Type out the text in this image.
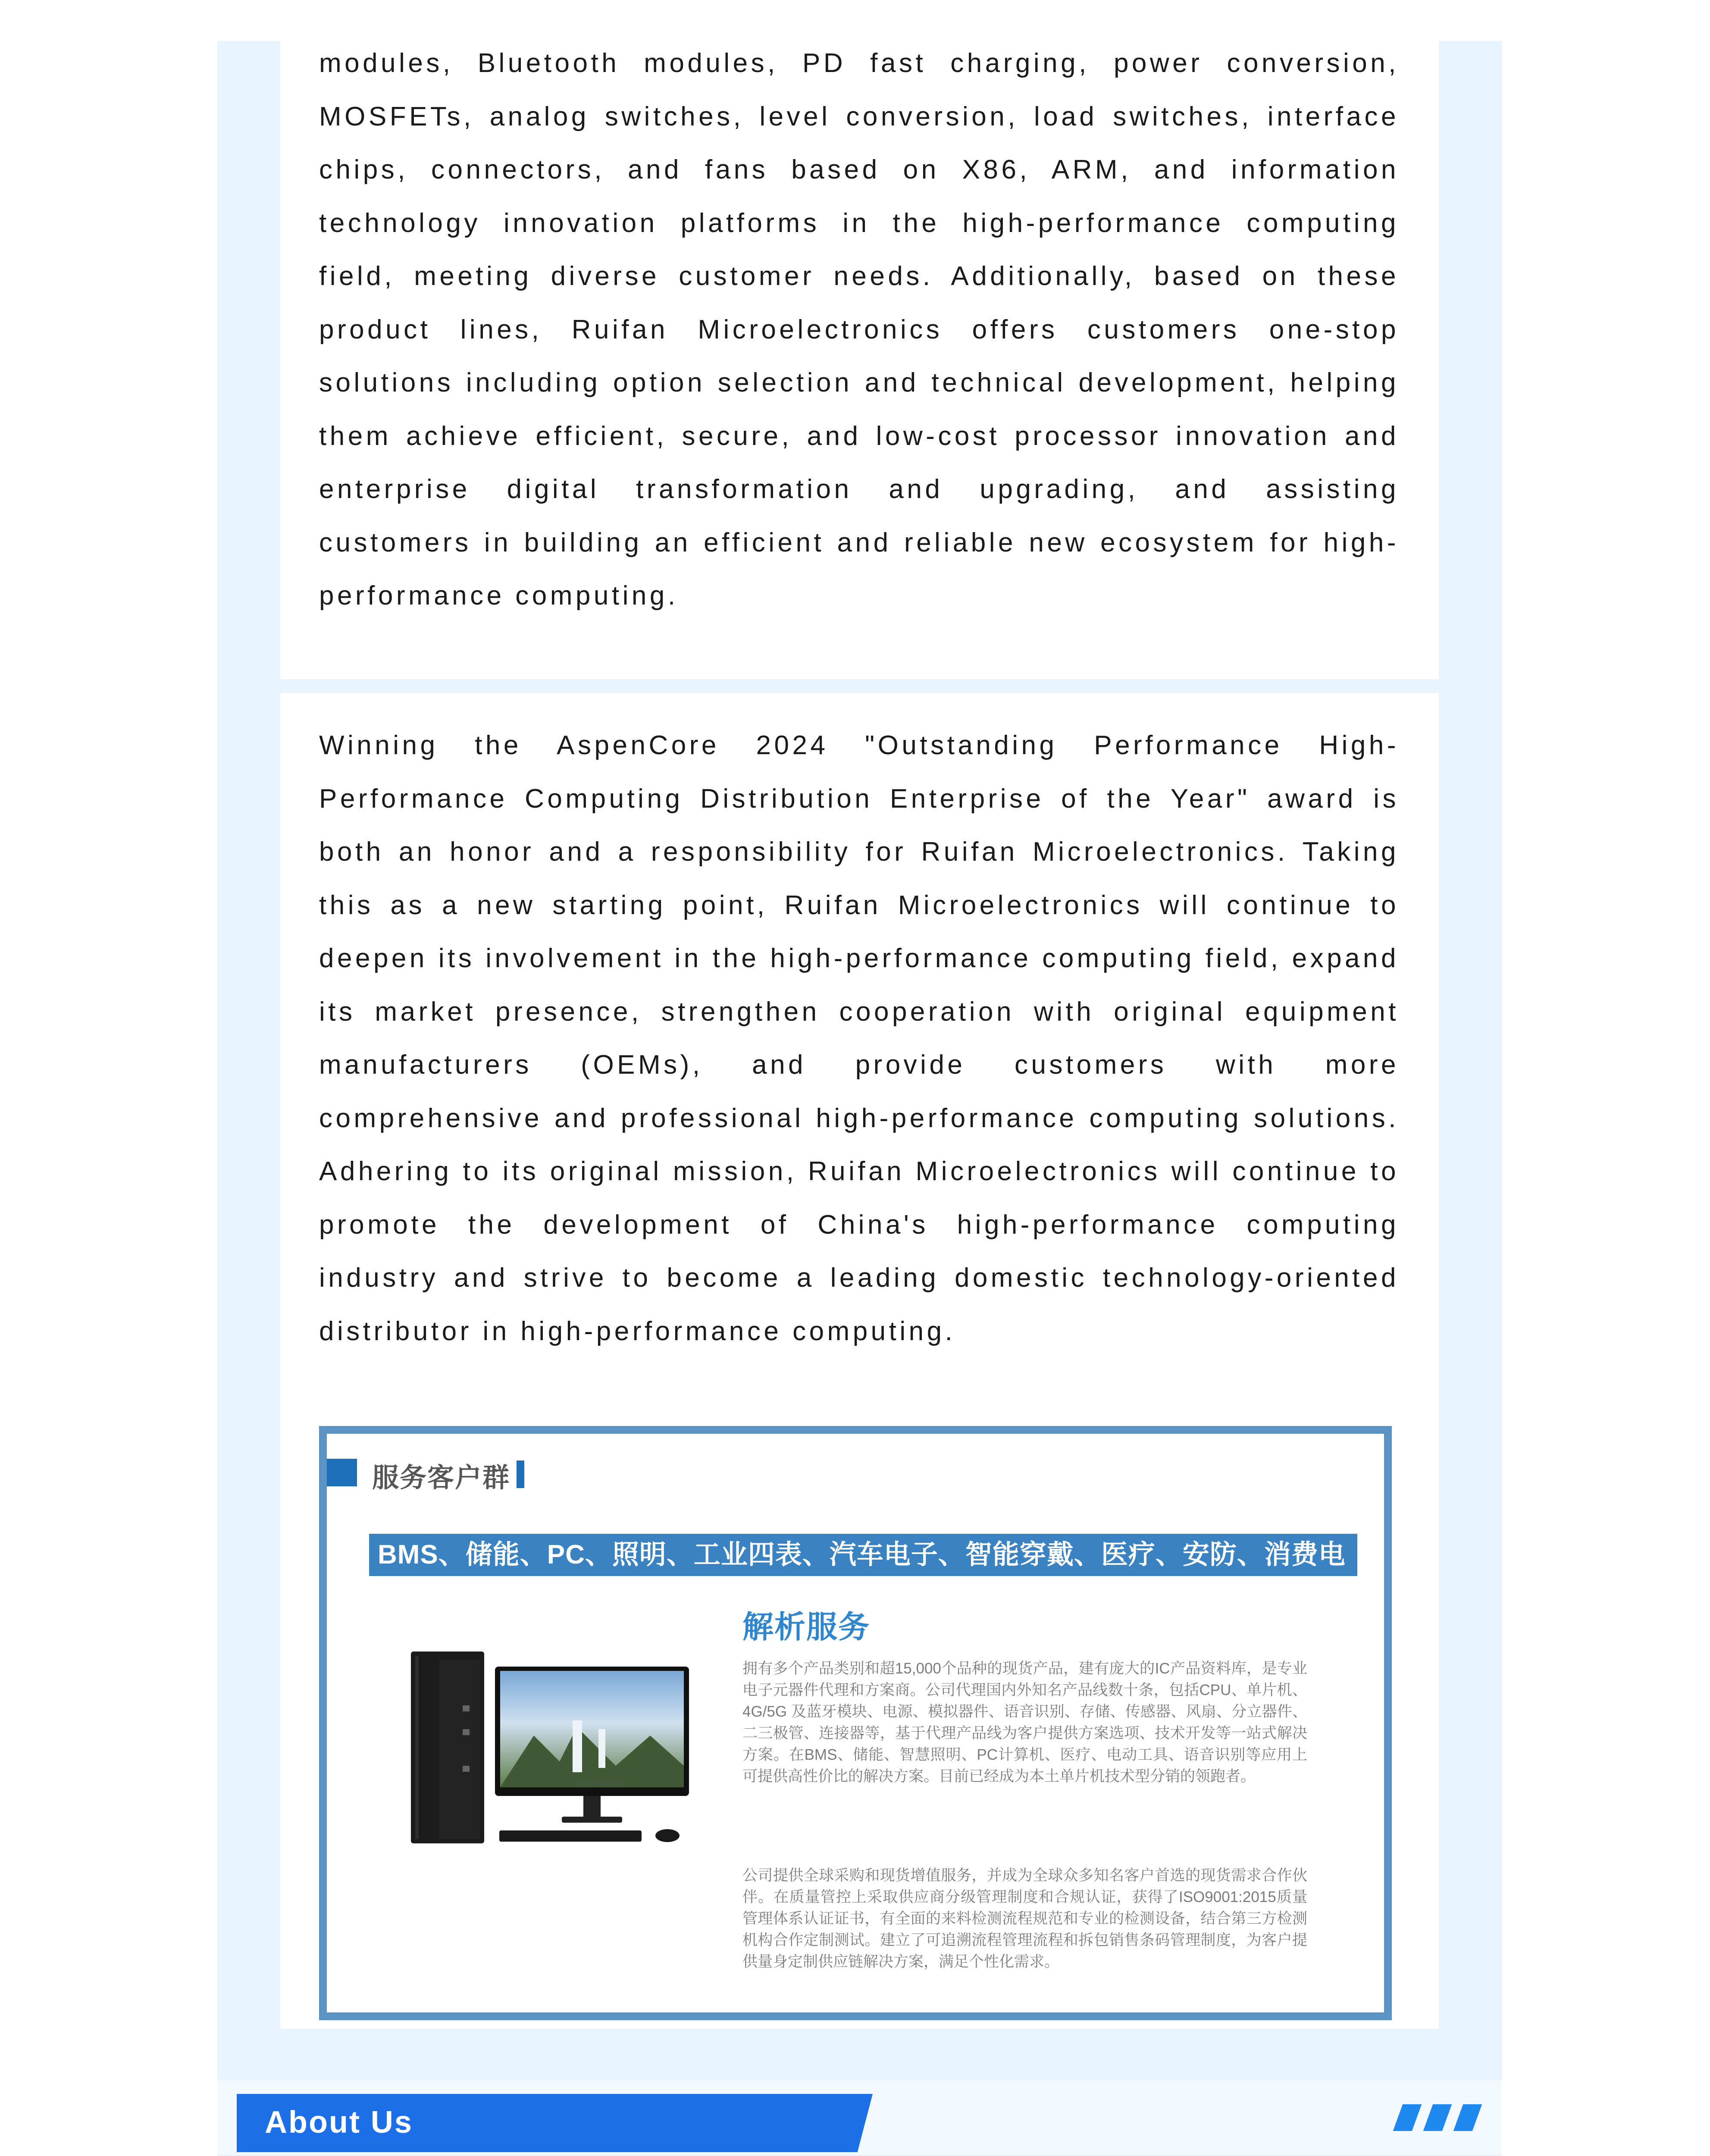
modules, Bluetooth modules, PD fast charging, power conversion, MOSFETs, analog switches, level conversion, load switches, interface chips, connectors, and fans based on X86, ARM, and information technology innovation platforms in the high-performance computing field, meeting diverse customer needs. Additionally, based on these product lines, Ruifan Microelectronics offers customers one-stop solutions including option selection and technical development, helping them achieve efficient, secure, and low-cost processor innovation and enterprise digital transformation and upgrading, and assisting customers in building an efficient and reliable new ecosystem for high-performance computing.

Winning the AspenCore 2024 "Outstanding Performance High-Performance Computing Distribution Enterprise of the Year" award is both an honor and a responsibility for Ruifan Microelectronics. Taking this as a new starting point, Ruifan Microelectronics will continue to deepen its involvement in the high-performance computing field, expand its market presence, strengthen cooperation with original equipment manufacturers (OEMs), and provide customers with more comprehensive and professional high-performance computing solutions. Adhering to its original mission, Ruifan Microelectronics will continue to promote the development of China's high-performance computing industry and strive to become a leading domestic technology-oriented distributor in high-performance computing.

服务客户群
BMS、储能、PC、照明、工业四表、汽车电子、智能穿戴、医疗、安防、消费电子
*显示器以实际收到为准。
解析服务

拥有多个产品类别和超15,000个品种的现货产品，建有庞大的IC产品资料库，是专业电子元器件代理和方案商。公司代理国内外知名产品线数十条，包括CPU、单片机、4G/5G 及蓝牙模块、电源、模拟器件、语音识别、存储、传感器、风扇、分立器件、二三极管、连接器等，基于代理产品线为客户提供方案选项、技术开发等一站式解决方案。在BMS、储能、智慧照明、PC计算机、医疗、电动工具、语音识别等应用上可提供高性价比的解决方案。目前已经成为本土单片机技术型分销的领跑者。

公司提供全球采购和现货增值服务，并成为全球众多知名客户首选的现货需求合作伙伴。在质量管控上采取供应商分级管理制度和合规认证，获得了ISO9001:2015质量管理体系认证证书，有全面的来料检测流程规范和专业的检测设备，结合第三方检测机构合作定制测试。建立了可追溯流程管理流程和拆包销售条码管理制度，为客户提供量身定制供应链解决方案，满足个性化需求。

About Us
